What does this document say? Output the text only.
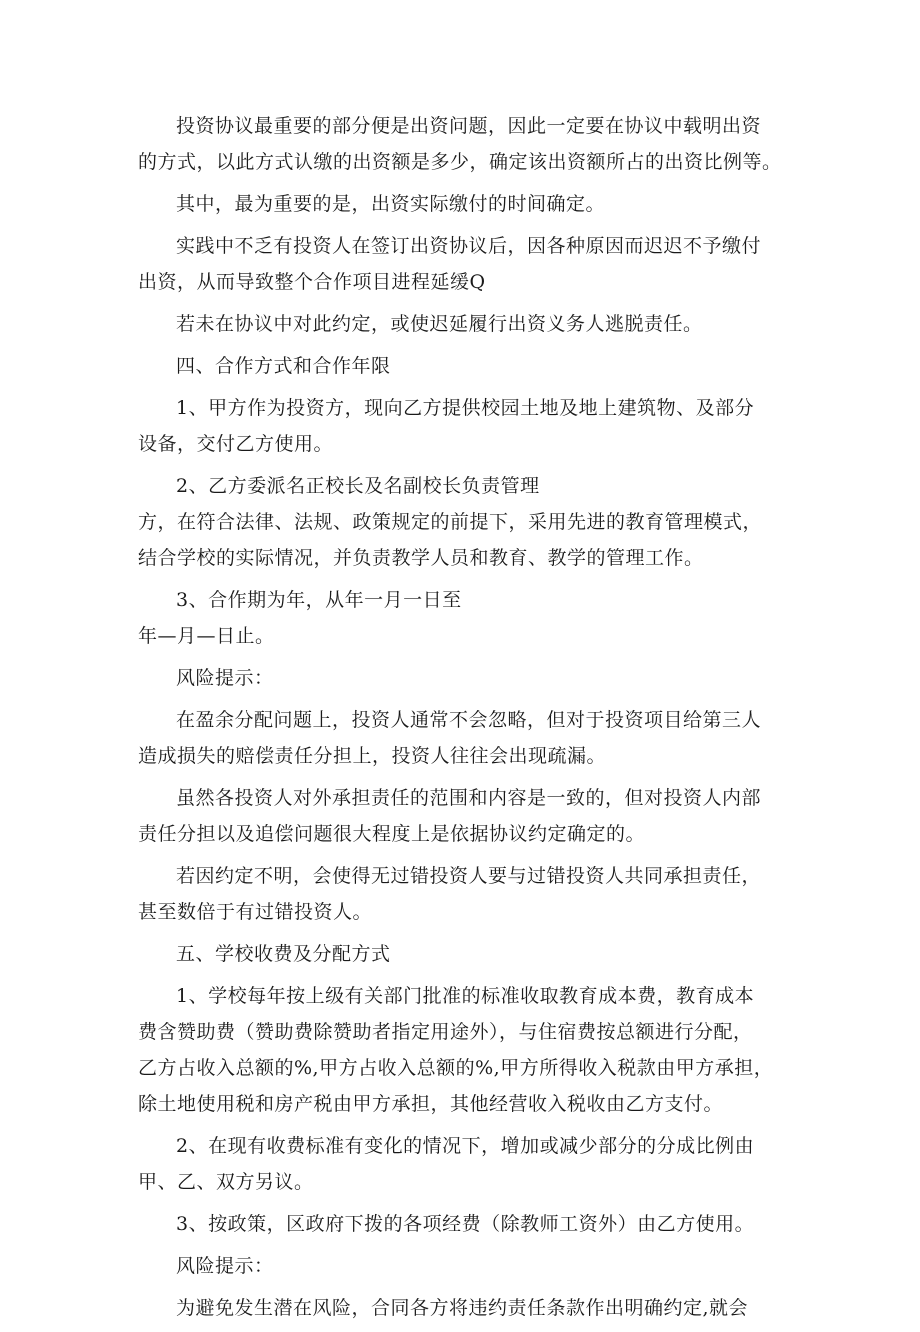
投资协议最重要的部分便是出资问题，因此一定要在协议中载明出资
的方式，以此方式认缴的出资额是多少，确定该出资额所占的出资比例等。

其中，最为重要的是，出资实际缴付的时间确定。

实践中不乏有投资人在签订出资协议后，因各种原因而迟迟不予缴付
出资，从而导致整个合作项目进程延缓Q

若未在协议中对此约定，或使迟延履行出资义务人逃脱责任。

四、合作方式和合作年限

1、甲方作为投资方，现向乙方提供校园土地及地上建筑物、及部分
设备，交付乙方使用。

2、乙方委派名正校长及名副校长负责管理
方，在符合法律、法规、政策规定的前提下，采用先进的教育管理模式，
结合学校的实际情况，并负责教学人员和教育、教学的管理工作。

3、合作期为年，从年一月一日至
年—月—日止。

风险提示：

在盈余分配问题上，投资人通常不会忽略，但对于投资项目给第三人
造成损失的赔偿责任分担上，投资人往往会出现疏漏。

虽然各投资人对外承担责任的范围和内容是一致的，但对投资人内部
责任分担以及追偿问题很大程度上是依据协议约定确定的。

若因约定不明，会使得无过错投资人要与过错投资人共同承担责任，
甚至数倍于有过错投资人。

五、学校收费及分配方式

1、学校每年按上级有关部门批准的标准收取教育成本费，教育成本
费含赞助费（赞助费除赞助者指定用途外），与住宿费按总额进行分配，
乙方占收入总额的%,甲方占收入总额的%,甲方所得收入税款由甲方承担，
除土地使用税和房产税由甲方承担，其他经营收入税收由乙方支付。

2、在现有收费标准有变化的情况下，增加或减少部分的分成比例由
甲、乙、双方另议。

3、按政策，区政府下拨的各项经费（除教师工资外）由乙方使用。

风险提示：

为避免发生潜在风险，合同各方将违约责任条款作出明确约定,就会
